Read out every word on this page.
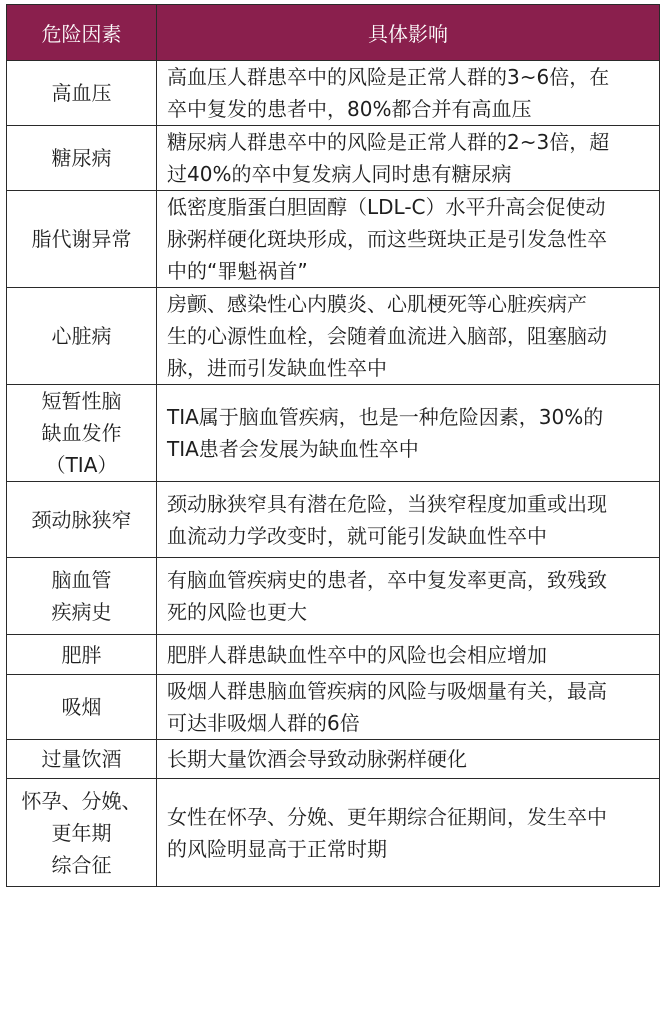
危险因素	具体影响

高血压	高血压人群患卒中的风险是正常人群的3~6倍，在
卒中复发的患者中，80%都合并有高血压

糖尿病	糖尿病人群患卒中的风险是正常人群的2~3倍，超
过40%的卒中复发病人同时患有糖尿病

脂代谢异常	低密度脂蛋白胆固醇（LDL-C）水平升高会促使动
脉粥样硬化斑块形成，而这些斑块正是引发急性卒
中的“罪魁祸首”

心脏病	房颤、感染性心内膜炎、心肌梗死等心脏疾病产
生的心源性血栓，会随着血流进入脑部，阻塞脑动
脉，进而引发缺血性卒中

短暂性脑
缺血发作
（TIA）	TIA属于脑血管疾病，也是一种危险因素，30%的
TIA患者会发展为缺血性卒中

颈动脉狭窄	颈动脉狭窄具有潜在危险，当狭窄程度加重或出现
血流动力学改变时，就可能引发缺血性卒中

脑血管
疾病史	有脑血管疾病史的患者，卒中复发率更高，致残致
死的风险也更大

肥胖	肥胖人群患缺血性卒中的风险也会相应增加

吸烟	吸烟人群患脑血管疾病的风险与吸烟量有关，最高
可达非吸烟人群的6倍

过量饮酒	长期大量饮酒会导致动脉粥样硬化

怀孕、分娩、
更年期
综合征	女性在怀孕、分娩、更年期综合征期间，发生卒中
的风险明显高于正常时期
